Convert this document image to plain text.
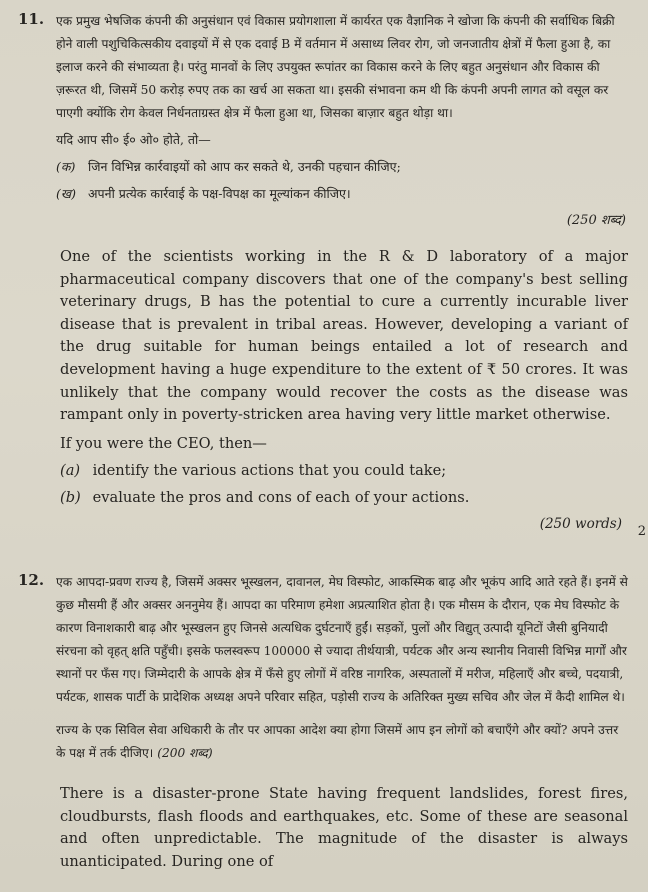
11. एक प्रमुख भेषजिक कंपनी की अनुसंधान एवं विकास प्रयोगशाला में कार्यरत एक वैज्ञानिक ने खोजा कि कंपनी की सर्वाधिक बिक्री होने वाली पशुचिकित्सकीय दवाइयों में से एक दवाई B में वर्तमान में असाध्य लिवर रोग, जो जनजातीय क्षेत्रों में फैला हुआ है, का इलाज करने की संभाव्यता है। परंतु मानवों के लिए उपयुक्त रूपांतर का विकास करने के लिए बहुत अनुसंधान और विकास की ज़रूरत थी, जिसमें 50 करोड़ रुपए तक का खर्च आ सकता था। इसकी संभावना कम थी कि कंपनी अपनी लागत को वसूल कर पाएगी क्योंकि रोग केवल निर्धनताग्रस्त क्षेत्र में फैला हुआ था, जिसका बाज़ार बहुत थोड़ा था।
यदि आप सी० ई० ओ० होते, तो—
(क) जिन विभिन्न कार्रवाइयों को आप कर सकते थे, उनकी पहचान कीजिए;
(ख) अपनी प्रत्येक कार्रवाई के पक्ष-विपक्ष का मूल्यांकन कीजिए।
(250 शब्द)
One of the scientists working in the R & D laboratory of a major pharmaceutical company discovers that one of the company's best selling veterinary drugs, B has the potential to cure a currently incurable liver disease that is prevalent in tribal areas. However, developing a variant of the drug suitable for human beings entailed a lot of research and development having a huge expenditure to the extent of ₹ 50 crores. It was unlikely that the company would recover the costs as the disease was rampant only in poverty-stricken area having very little market otherwise.
If you were the CEO, then—
(a) identify the various actions that you could take;
(b) evaluate the pros and cons of each of your actions.
(250 words) 2
12. एक आपदा-प्रवण राज्य है, जिसमें अक्सर भूस्खलन, दावानल, मेघ विस्फोट, आकस्मिक बाढ़ और भूकंप आदि आते रहते हैं। इनमें से कुछ मौसमी हैं और अक्सर अननुमेय हैं। आपदा का परिमाण हमेशा अप्रत्याशित होता है। एक मौसम के दौरान, एक मेघ विस्फोट के कारण विनाशकारी बाढ़ और भूस्खलन हुए जिनसे अत्यधिक दुर्घटनाएँ हुईं। सड़कों, पुलों और विद्युत् उत्पादी यूनिटों जैसी बुनियादी संरचना को वृहत् क्षति पहुँची। इसके फलस्वरूप 100000 से ज्यादा तीर्थयात्री, पर्यटक और अन्य स्थानीय निवासी विभिन्न मार्गों और स्थानों पर फँस गए। जिम्मेदारी के आपके क्षेत्र में फँसे हुए लोगों में वरिष्ठ नागरिक, अस्पतालों में मरीज, महिलाएँ और बच्चे, पदयात्री, पर्यटक, शासक पार्टी के प्रादेशिक अध्यक्ष अपने परिवार सहित, पड़ोसी राज्य के अतिरिक्त मुख्य सचिव और जेल में कैदी शामिल थे।
राज्य के एक सिविल सेवा अधिकारी के तौर पर आपका आदेश क्या होगा जिसमें आप इन लोगों को बचाएँगे और क्यों? अपने उत्तर के पक्ष में तर्क दीजिए। (200 शब्द)
There is a disaster-prone State having frequent landslides, forest fires, cloudbursts, flash floods and earthquakes, etc. Some of these are seasonal and often unpredictable. The magnitude of the disaster is always unanticipated. During one of
